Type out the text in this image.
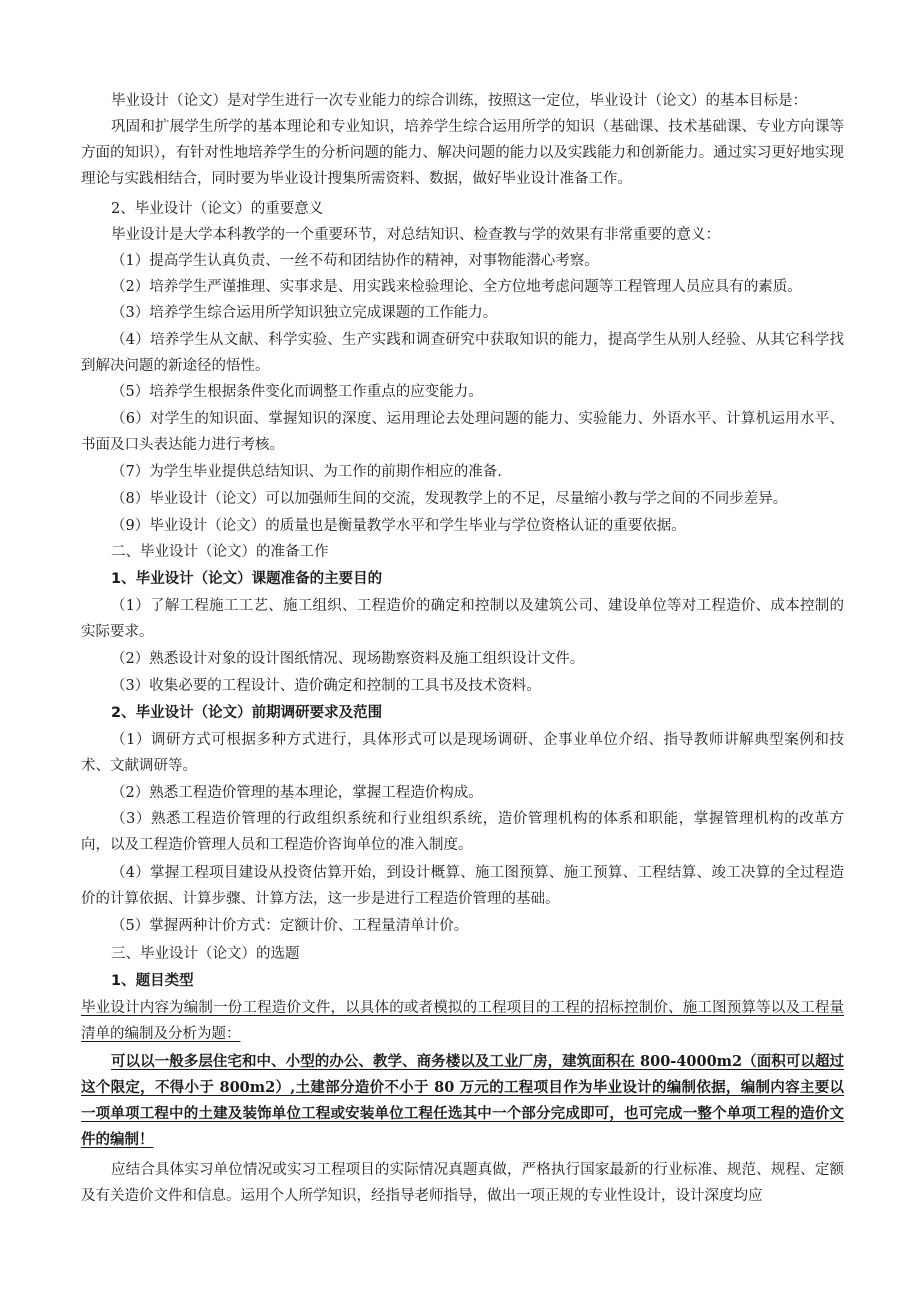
毕业设计（论文）是对学生进行一次专业能力的综合训练，按照这一定位，毕业设计（论文）的基本目标是：
巩固和扩展学生所学的基本理论和专业知识，培养学生综合运用所学的知识（基础课、技术基础课、专业方向课等方面的知识），有针对性地培养学生的分析问题的能力、解决问题的能力以及实践能力和创新能力。通过实习更好地实现理论与实践相结合，同时要为毕业设计搜集所需资料、数据，做好毕业设计准备工作。
2、毕业设计（论文）的重要意义
毕业设计是大学本科教学的一个重要环节，对总结知识、检查教与学的效果有非常重要的意义：
（1）提高学生认真负责、一丝不苟和团结协作的精神，对事物能潜心考察。
（2）培养学生严谨推理、实事求是、用实践来检验理论、全方位地考虑问题等工程管理人员应具有的素质。
（3）培养学生综合运用所学知识独立完成课题的工作能力。
（4）培养学生从文献、科学实验、生产实践和调查研究中获取知识的能力，提高学生从别人经验、从其它科学找到解决问题的新途径的悟性。
（5）培养学生根据条件变化而调整工作重点的应变能力。
（6）对学生的知识面、掌握知识的深度、运用理论去处理问题的能力、实验能力、外语水平、计算机运用水平、书面及口头表达能力进行考核。
（7）为学生毕业提供总结知识、为工作的前期作相应的准备.
（8）毕业设计（论文）可以加强师生间的交流，发现教学上的不足，尽量缩小教与学之间的不同步差异。
（9）毕业设计（论文）的质量也是衡量教学水平和学生毕业与学位资格认证的重要依据。
二、毕业设计（论文）的准备工作
1、毕业设计（论文）课题准备的主要目的
（1）了解工程施工工艺、施工组织、工程造价的确定和控制以及建筑公司、建设单位等对工程造价、成本控制的实际要求。
（2）熟悉设计对象的设计图纸情况、现场勘察资料及施工组织设计文件。
（3）收集必要的工程设计、造价确定和控制的工具书及技术资料。
2、毕业设计（论文）前期调研要求及范围
（1）调研方式可根据多种方式进行，具体形式可以是现场调研、企事业单位介绍、指导教师讲解典型案例和技术、文献调研等。
（2）熟悉工程造价管理的基本理论，掌握工程造价构成。
（3）熟悉工程造价管理的行政组织系统和行业组织系统，造价管理机构的体系和职能，掌握管理机构的改革方向，以及工程造价管理人员和工程造价咨询单位的准入制度。
（4）掌握工程项目建设从投资估算开始，到设计概算、施工图预算、施工预算、工程结算、竣工决算的全过程造价的计算依据、计算步骤、计算方法，这一步是进行工程造价管理的基础。
（5）掌握两种计价方式：定额计价、工程量清单计价。
三、毕业设计（论文）的选题
1、题目类型
毕业设计内容为编制一份工程造价文件，以具体的或者模拟的工程项目的工程的招标控制价、施工图预算等以及工程量清单的编制及分析为题：
可以以一般多层住宅和中、小型的办公、教学、商务楼以及工业厂房，建筑面积在 800-4000m2（面积可以超过这个限定，不得小于 800m2）,土建部分造价不小于 80 万元的工程项目作为毕业设计的编制依据，编制内容主要以一项单项工程中的土建及装饰单位工程或安装单位工程任选其中一个部分完成即可，也可完成一整个单项工程的造价文件的编制！
应结合具体实习单位情况或实习工程项目的实际情况真题真做，严格执行国家最新的行业标准、规范、规程、定额及有关造价文件和信息。运用个人所学知识，经指导老师指导，做出一项正规的专业性设计，设计深度均应
